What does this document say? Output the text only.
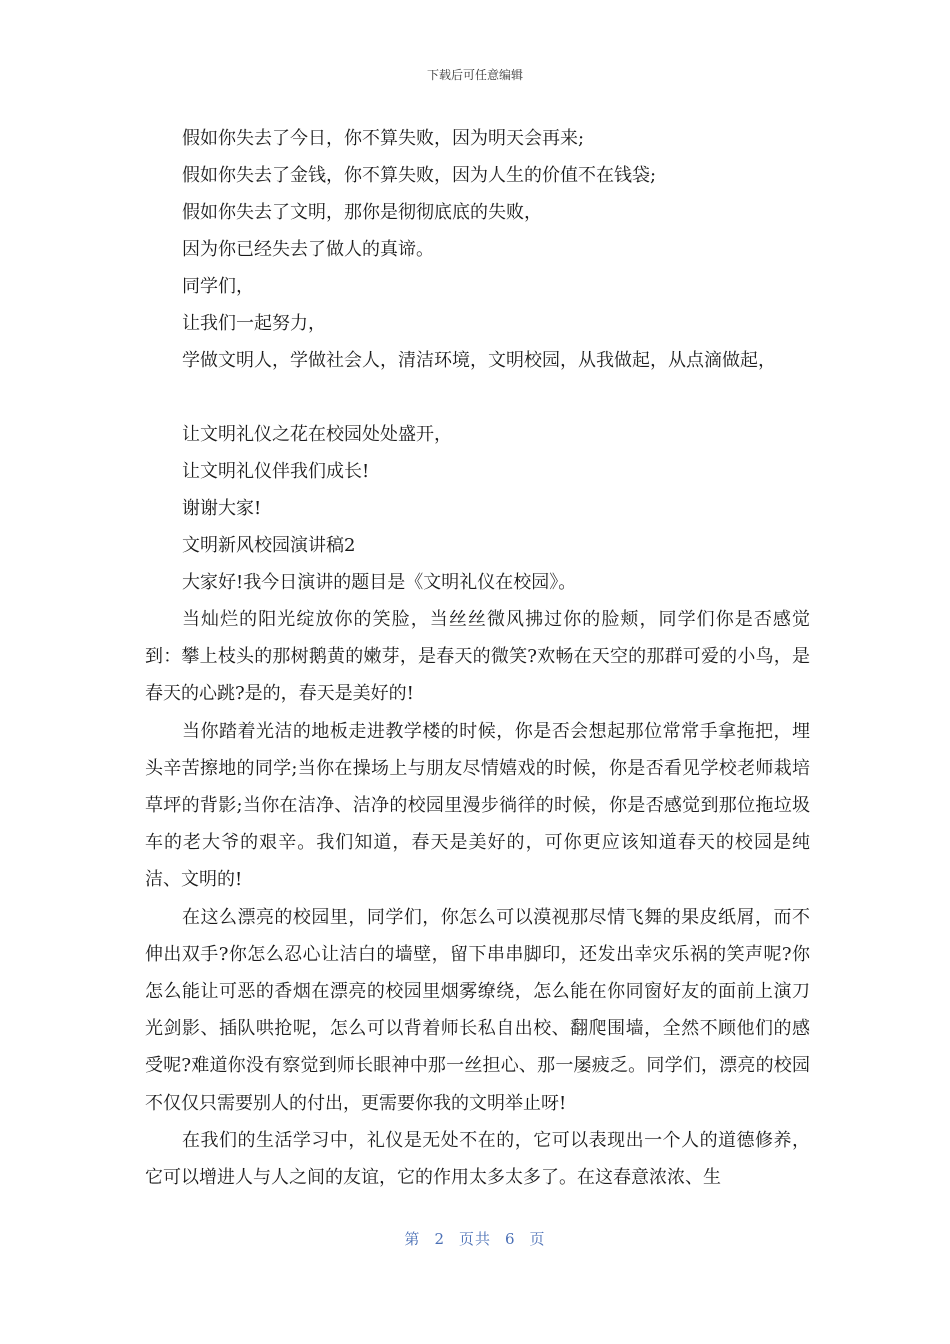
下载后可任意编辑

假如你失去了今日，你不算失败，因为明天会再来;

假如你失去了金钱，你不算失败，因为人生的价值不在钱袋;

假如你失去了文明，那你是彻彻底底的失败，

因为你已经失去了做人的真谛。

同学们，

让我们一起努力，

学做文明人，学做社会人，清洁环境，文明校园，从我做起，从点滴做起，

让文明礼仪之花在校园处处盛开，

让文明礼仪伴我们成长!

谢谢大家!

文明新风校园演讲稿2

大家好!我今日演讲的题目是《文明礼仪在校园》。

当灿烂的阳光绽放你的笑脸，当丝丝微风拂过你的脸颊，同学们你是否感觉到：攀上枝头的那树鹅黄的嫩芽，是春天的微笑?欢畅在天空的那群可爱的小鸟，是春天的心跳?是的，春天是美好的!

当你踏着光洁的地板走进教学楼的时候，你是否会想起那位常常手拿拖把，埋头辛苦擦地的同学;当你在操场上与朋友尽情嬉戏的时候，你是否看见学校老师栽培草坪的背影;当你在洁净、洁净的校园里漫步徜徉的时候，你是否感觉到那位拖垃圾车的老大爷的艰辛。我们知道，春天是美好的，可你更应该知道春天的校园是纯洁、文明的!

在这么漂亮的校园里，同学们，你怎么可以漠视那尽情飞舞的果皮纸屑，而不伸出双手?你怎么忍心让洁白的墙壁，留下串串脚印，还发出幸灾乐祸的笑声呢?你怎么能让可恶的香烟在漂亮的校园里烟雾缭绕，怎么能在你同窗好友的面前上演刀光剑影、插队哄抢呢，怎么可以背着师长私自出校、翻爬围墙，全然不顾他们的感受呢?难道你没有察觉到师长眼神中那一丝担心、那一屡疲乏。同学们，漂亮的校园不仅仅只需要别人的付出，更需要你我的文明举止呀!

在我们的生活学习中，礼仪是无处不在的，它可以表现出一个人的道德修养，它可以增进人与人之间的友谊，它的作用太多太多了。在这春意浓浓、生

第 2 页共 6 页
